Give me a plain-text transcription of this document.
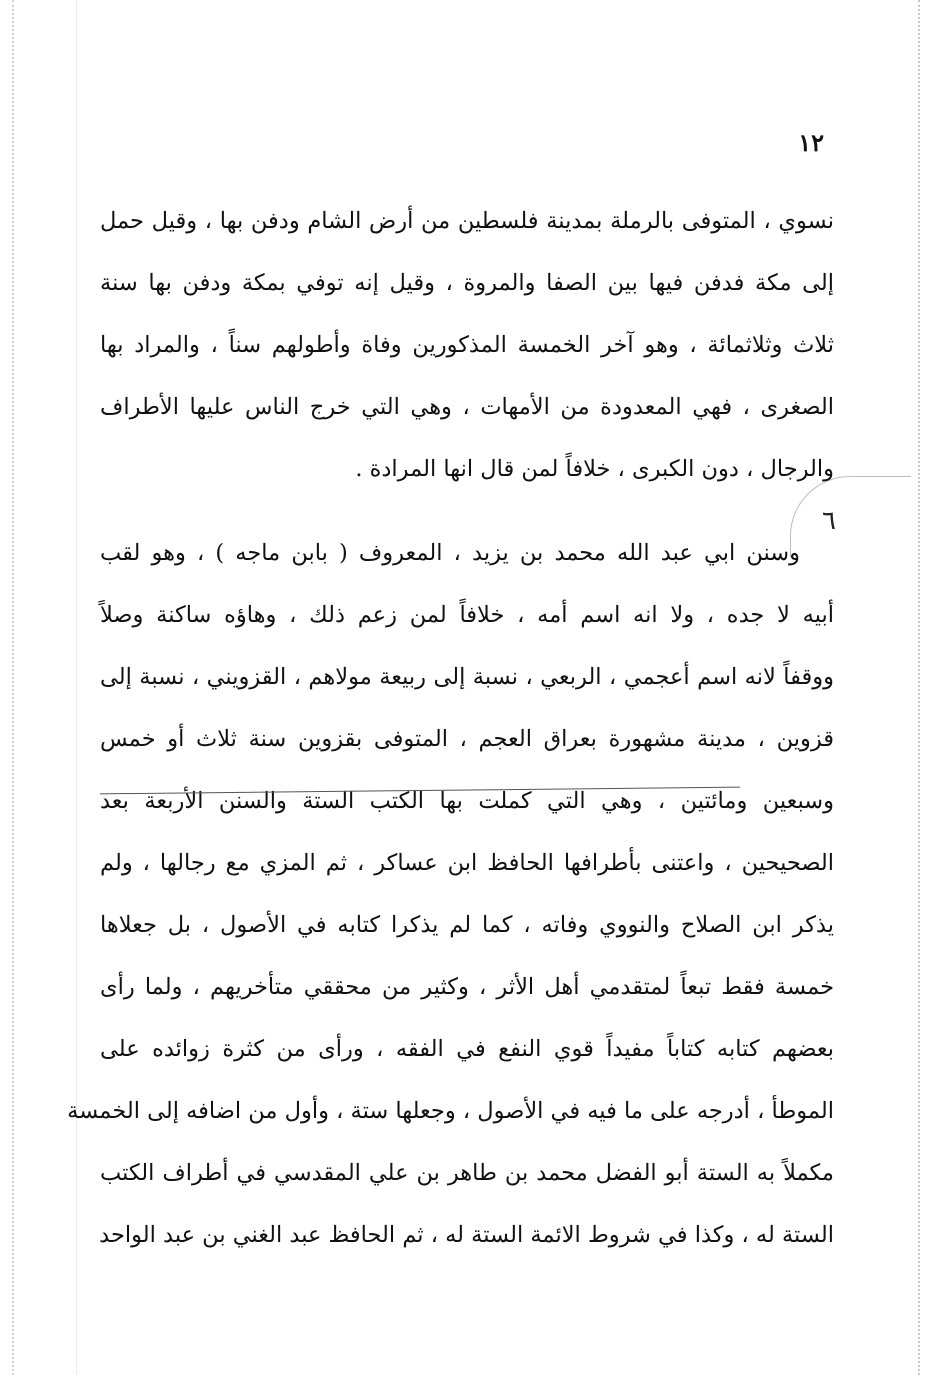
١٢
٦
نسوي ، المتوفى بالرملة بمدينة فلسطين من أرض الشام ودفن بها ، وقيل حمل
إلى مكة فدفن فيها بين الصفا والمروة ، وقيل إنه توفي بمكة ودفن بها سنة
ثلاث وثلاثمائة ، وهو آخر الخمسة المذكورين وفاة وأطولهم سناً ، والمراد بها
الصغرى ، فهي المعدودة من الأمهات ، وهي التي خرج الناس عليها الأطراف
والرجال ، دون الكبرى ، خلافاً لمن قال انها المرادة .
وسنن ابي عبد الله محمد بن يزيد ، المعروف ( بابن ماجه ) ، وهو لقب
أبيه لا جده ، ولا انه اسم أمه ، خلافاً لمن زعم ذلك ، وهاؤه ساكنة وصلاً
ووقفاً لانه اسم أعجمي ، الربعي ، نسبة إلى ربيعة مولاهم ، القزويني ، نسبة إلى
قزوين ، مدينة مشهورة بعراق العجم ، المتوفى بقزوين سنة ثلاث أو خمس
وسبعين ومائتين ، وهي التي كملت بها الكتب الستة والسنن الأربعة بعد
الصحيحين ، واعتنى بأطرافها الحافظ ابن عساكر ، ثم المزي مع رجالها ، ولم
يذكر ابن الصلاح والنووي وفاته ، كما لم يذكرا كتابه في الأصول ، بل جعلاها
خمسة فقط تبعاً لمتقدمي أهل الأثر ، وكثير من محققي متأخريهم ، ولما رأى
بعضهم كتابه كتاباً مفيداً قوي النفع في الفقه ، ورأى من كثرة زوائده على
الموطأ ، أدرجه على ما فيه في الأصول ، وجعلها ستة ، وأول من اضافه إلى الخمسة
مكملاً به الستة أبو الفضل محمد بن طاهر بن علي المقدسي في أطراف الكتب
الستة له ، وكذا في شروط الائمة الستة له ، ثم الحافظ عبد الغني بن عبد الواحد
